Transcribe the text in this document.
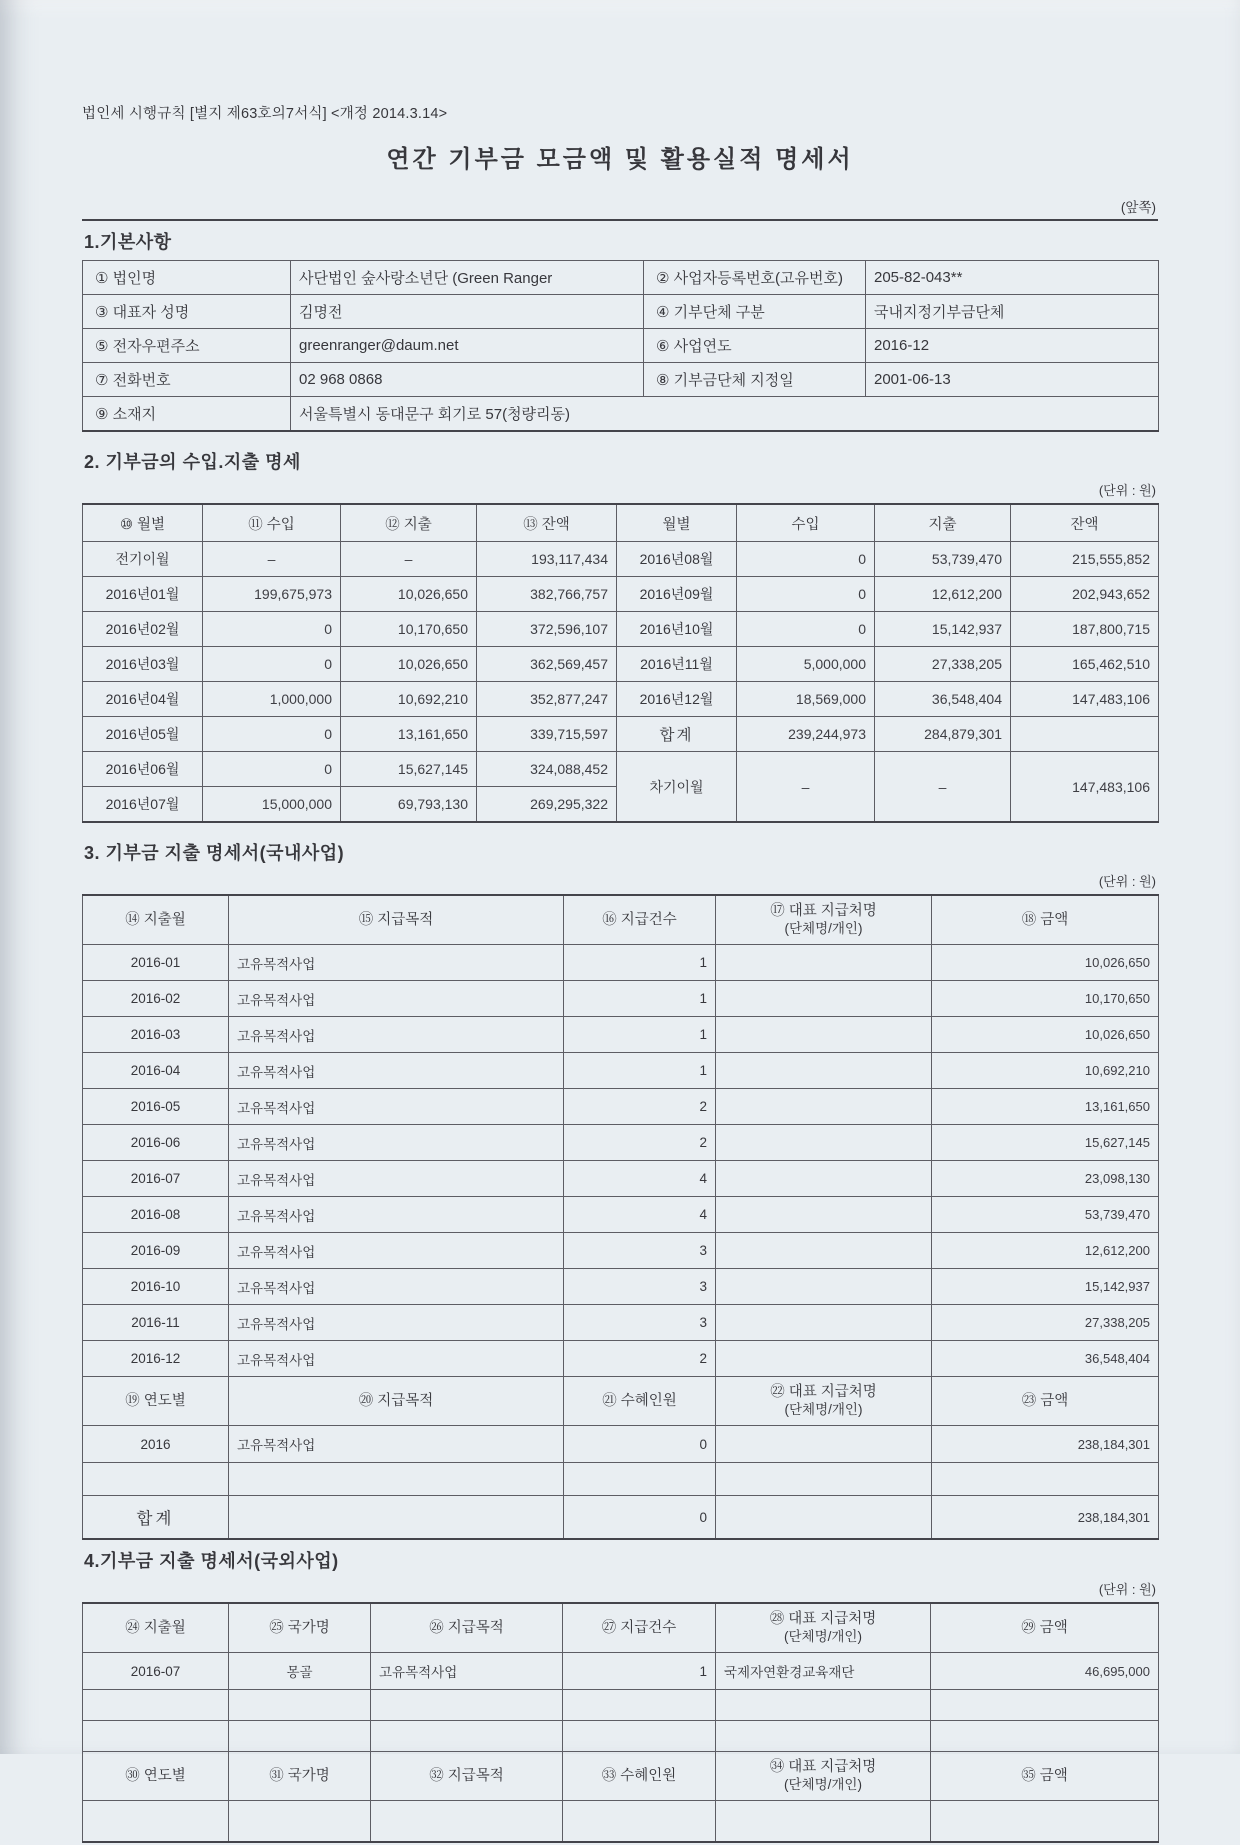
법인세 시행규칙 [별지 제63호의7서식] <개정 2014.3.14>
연간 기부금 모금액 및 활용실적 명세서
(앞쪽)
1.기본사항
① 법인명	사단법인 숲사랑소년단 (Green Ranger	② 사업자등록번호(고유번호)	205-82-043**
③ 대표자 성명	김명전	④ 기부단체 구분	국내지정기부금단체
⑤ 전자우편주소	greenranger@daum.net	⑥ 사업연도	2016-12
⑦ 전화번호	02 968 0868	⑧ 기부금단체 지정일	2001-06-13
⑨ 소재지	서울특별시 동대문구 회기로 57(청량리동)		
2. 기부금의 수입.지출 명세
(단위 : 원)
⑩ 월별	⑪ 수입	⑫ 지출	⑬ 잔액	월별	수입	지출	잔액
전기이월	–	–	193,117,434	2016년08월	0	53,739,470	215,555,852
2016년01월	199,675,973	10,026,650	382,766,757	2016년09월	0	12,612,200	202,943,652
2016년02월	0	10,170,650	372,596,107	2016년10월	0	15,142,937	187,800,715
2016년03월	0	10,026,650	362,569,457	2016년11월	5,000,000	27,338,205	165,462,510
2016년04월	1,000,000	10,692,210	352,877,247	2016년12월	18,569,000	36,548,404	147,483,106
2016년05월	0	13,161,650	339,715,597	합계	239,244,973	284,879,301	
2016년06월	0	15,627,145	324,088,452	차기이월	–	–	147,483,106
2016년07월	15,000,000	69,793,130	269,295,322				
3. 기부금 지출 명세서(국내사업)
(단위 : 원)
⑭ 지출월	⑮ 지급목적	⑯ 지급건수	⑰ 대표 지급처명
(단체명/개인)	⑱ 금액
2016-01	고유목적사업	1		10,026,650
2016-02	고유목적사업	1		10,170,650
2016-03	고유목적사업	1		10,026,650
2016-04	고유목적사업	1		10,692,210
2016-05	고유목적사업	2		13,161,650
2016-06	고유목적사업	2		15,627,145
2016-07	고유목적사업	4		23,098,130
2016-08	고유목적사업	4		53,739,470
2016-09	고유목적사업	3		12,612,200
2016-10	고유목적사업	3		15,142,937
2016-11	고유목적사업	3		27,338,205
2016-12	고유목적사업	2		36,548,404
⑲ 연도별	⑳ 지급목적	㉑ 수혜인원	㉒ 대표 지급처명
(단체명/개인)	㉓ 금액
2016	고유목적사업	0		238,184,301

합계		0		238,184,301
4.기부금 지출 명세서(국외사업)
(단위 : 원)
㉔ 지출월	㉕ 국가명	㉖ 지급목적	㉗ 지급건수	㉘ 대표 지급처명
(단체명/개인)	㉙ 금액
2016-07	몽골	고유목적사업	1	국제자연환경교육재단	46,695,000

㉚ 연도별	㉛ 국가명	㉜ 지급목적	㉝ 수혜인원	㉞ 대표 지급처명
(단체명/개인)	㉟ 금액
